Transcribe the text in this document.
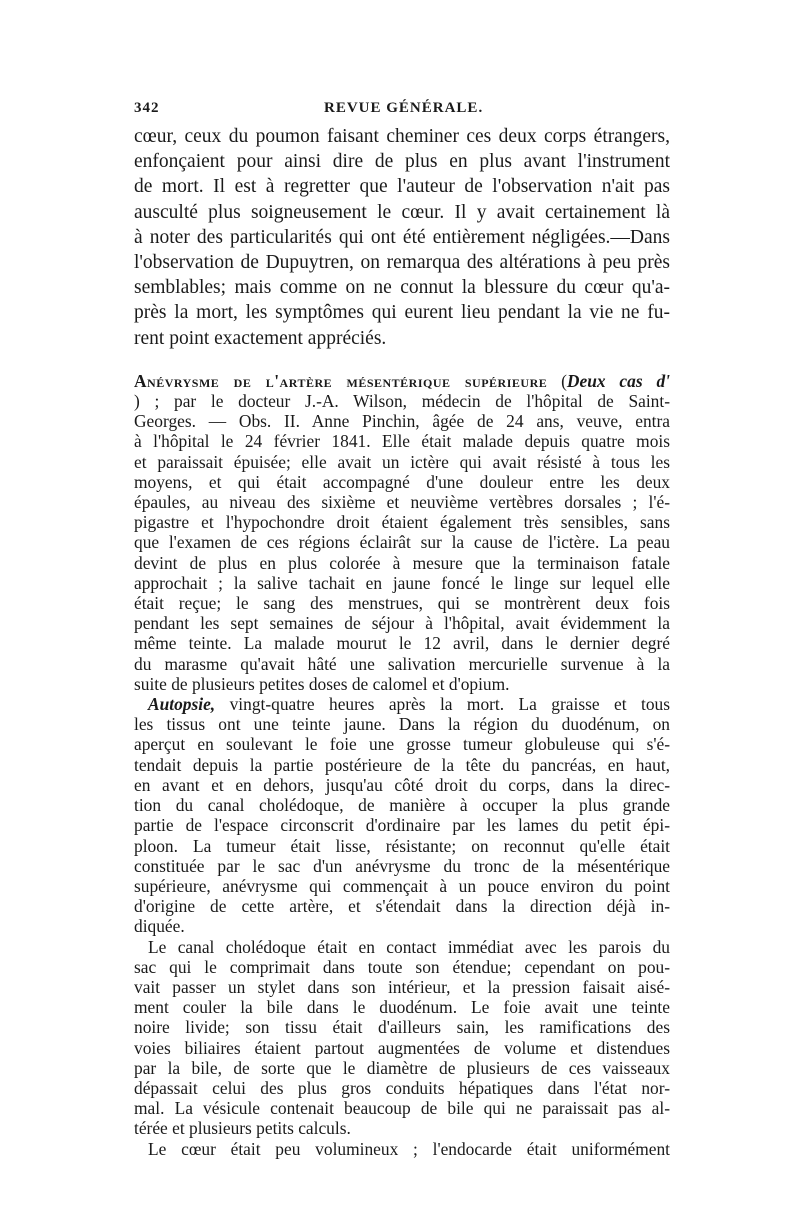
342	REVUE GÉNÉRALE.

cœur, ceux du poumon faisant cheminer ces deux corps étrangers,

enfonçaient pour ainsi dire de plus en plus avant l'instrument

de mort. Il est à regretter que l'auteur de l'observation n'ait pas

ausculté plus soigneusement le cœur. Il y avait certainement là

à noter des particularités qui ont été entièrement négligées.—Dans

l'observation de Dupuytren, on remarqua des altérations à peu près

semblables; mais comme on ne connut la blessure du cœur qu'a-

près la mort, les symptômes qui eurent lieu pendant la vie ne fu-

rent point exactement appréciés.

Anévrysme de l'artère mésentérique supérieure (Deux cas d'

) ; par le docteur J.-A. Wilson, médecin de l'hôpital de Saint-

Georges. — Obs. II. Anne Pinchin, âgée de 24 ans, veuve, entra

à l'hôpital le 24 février 1841. Elle était malade depuis quatre mois

et paraissait épuisée; elle avait un ictère qui avait résisté à tous les

moyens, et qui était accompagné d'une douleur entre les deux

épaules, au niveau des sixième et neuvième vertèbres dorsales ; l'é-

pigastre et l'hypochondre droit étaient également très sensibles, sans

que l'examen de ces régions éclairât sur la cause de l'ictère. La peau

devint de plus en plus colorée à mesure que la terminaison fatale

approchait ; la salive tachait en jaune foncé le linge sur lequel elle

était reçue; le sang des menstrues, qui se montrèrent deux fois

pendant les sept semaines de séjour à l'hôpital, avait évidemment la

même teinte. La malade mourut le 12 avril, dans le dernier degré

du marasme qu'avait hâté une salivation mercurielle survenue à la

suite de plusieurs petites doses de calomel et d'opium.

Autopsie, vingt-quatre heures après la mort. La graisse et tous

les tissus ont une teinte jaune. Dans la région du duodénum, on

aperçut en soulevant le foie une grosse tumeur globuleuse qui s'é-

tendait depuis la partie postérieure de la tête du pancréas, en haut,

en avant et en dehors, jusqu'au côté droit du corps, dans la direc-

tion du canal cholédoque, de manière à occuper la plus grande

partie de l'espace circonscrit d'ordinaire par les lames du petit épi-

ploon. La tumeur était lisse, résistante; on reconnut qu'elle était

constituée par le sac d'un anévrysme du tronc de la mésentérique

supérieure, anévrysme qui commençait à un pouce environ du point

d'origine de cette artère, et s'étendait dans la direction déjà in-

diquée.

Le canal cholédoque était en contact immédiat avec les parois du

sac qui le comprimait dans toute son étendue; cependant on pou-

vait passer un stylet dans son intérieur, et la pression faisait aisé-

ment couler la bile dans le duodénum. Le foie avait une teinte

noire livide; son tissu était d'ailleurs sain, les ramifications des

voies biliaires étaient partout augmentées de volume et distendues

par la bile, de sorte que le diamètre de plusieurs de ces vaisseaux

dépassait celui des plus gros conduits hépatiques dans l'état nor-

mal. La vésicule contenait beaucoup de bile qui ne paraissait pas al-

térée et plusieurs petits calculs.

Le cœur était peu volumineux ; l'endocarde était uniformément
